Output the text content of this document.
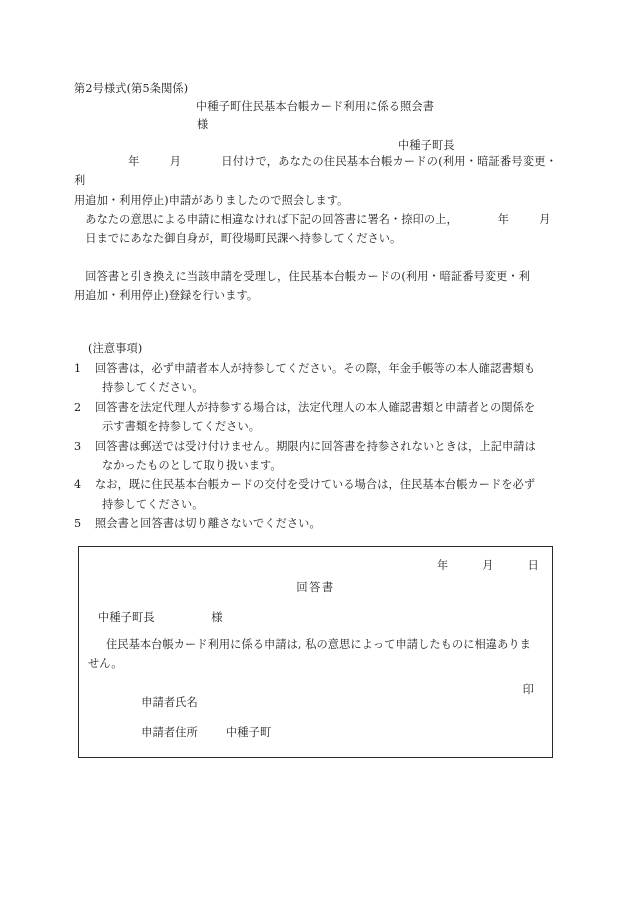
第2号様式(第5条関係)
中種子町住民基本台帳カード利用に係る照会書
様
中種子町長
年	月	日付けで，あなたの住民基本台帳カードの(利用・暗証番号変更・利
用追加・利用停止)申請がありましたので照会します。
　あなたの意思による申請に相違なければ下記の回答書に署名・捺印の上，	年	月
　日までにあなた御自身が，町役場町民課へ持参してください。
　回答書と引き換えに当該申請を受理し，住民基本台帳カードの(利用・暗証番号変更・利
用追加・利用停止)登録を行います。
(注意事項)
1	回答書は，必ず申請者本人が持参してください。その際，年金手帳等の本人確認書類も
持参してください。
2	回答書を法定代理人が持参する場合は，法定代理人の本人確認書類と申請者との関係を
示す書類を持参してください。
3	回答書は郵送では受け付けません。期限内に回答書を持参されないときは，上記申請は
なかったものとして取り扱います。
4	なお，既に住民基本台帳カードの交付を受けている場合は，住民基本台帳カードを必ず
持参してください。
5	照会書と回答書は切り離さないでください。
年　　　月　　　日
回答書
中種子町長　　　　　様
住民基本台帳カード利用に係る申請は, 私の意思によって申請したものに相違ありま
せん。

申請者氏名

印

申請者住所	中種子町
